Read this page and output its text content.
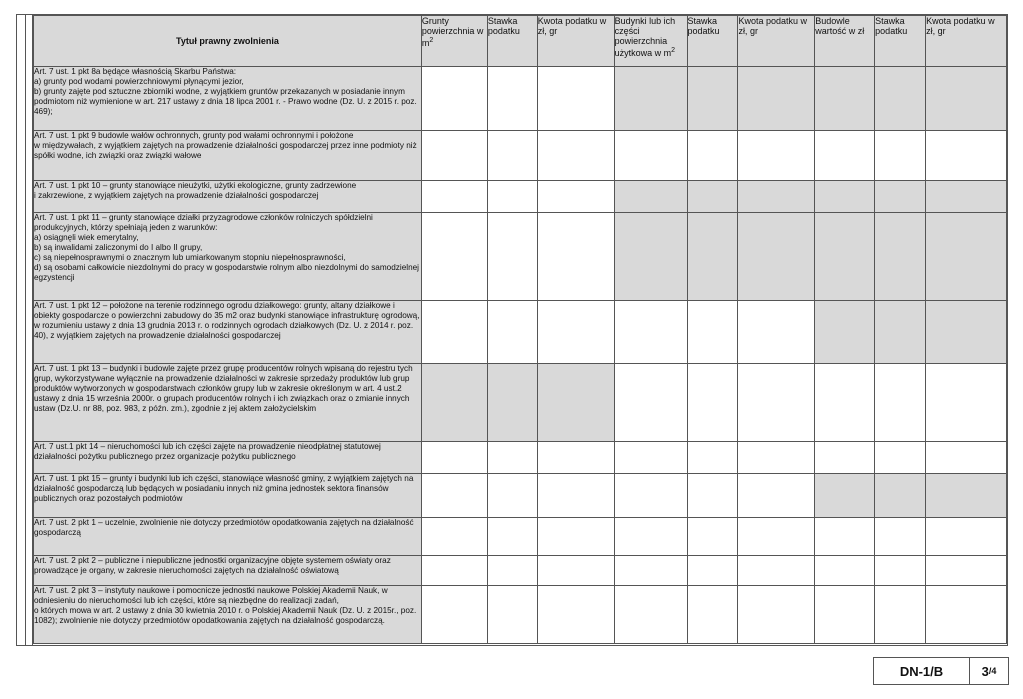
Tytuł prawny zwolnienia	Grunty powierzchnia w $m^2$	Stawka podatku	Kwota podatku w zł, gr	Budynki lub ich części powierzchnia użytkowa w $m^2$	Stawka podatku	Kwota podatku w zł, gr	Budowle wartość w zł	Stawka podatku	Kwota podatku w zł, gr
Art. 7 ust. 1 pkt 8a będące własnością Skarbu Państwa:
a) grunty pod wodami powierzchniowymi płynącymi jezior,
b) grunty zajęte pod sztuczne zbiorniki wodne, z wyjątkiem gruntów przekazanych w posiadanie innym podmiotom niż wymienione w art. 217 ustawy z dnia 18 lipca 2001 r. - Prawo wodne (Dz. U. z 2015 r. poz. 469);									
Art. 7 ust. 1 pkt 9 budowle wałów ochronnych, grunty pod wałami ochronnymi i położone
w międzywałach, z wyjątkiem zajętych na prowadzenie działalności gospodarczej przez inne podmioty niż spółki wodne, ich związki oraz związki wałowe									
Art. 7 ust. 1 pkt 10 – grunty stanowiące nieużytki, użytki ekologiczne, grunty zadrzewione
i zakrzewione, z wyjątkiem zajętych na prowadzenie działalności gospodarczej									
Art. 7 ust. 1 pkt 11 – grunty stanowiące działki przyzagrodowe członków rolniczych spółdzielni produkcyjnych, którzy spełniają jeden z warunków:
a) osiągnęli wiek emerytalny,
b) są inwalidami zaliczonymi do I albo II grupy,
c) są niepełnosprawnymi o znacznym lub umiarkowanym stopniu niepełnosprawności,
d) są osobami całkowicie niezdolnymi do pracy w gospodarstwie rolnym albo niezdolnymi do samodzielnej egzystencji									
Art. 7 ust. 1 pkt 12 – położone na terenie rodzinnego ogrodu działkowego: grunty, altany działkowe i obiekty gospodarcze o powierzchni zabudowy do 35 m2 oraz budynki stanowiące infrastrukturę ogrodową, w rozumieniu ustawy z dnia 13 grudnia 2013 r. o rodzinnych ogrodach działkowych (Dz. U. z 2014 r. poz. 40), z wyjątkiem zajętych na prowadzenie działalności gospodarczej									
Art. 7 ust. 1 pkt 13 – budynki i budowle zajęte przez grupę producentów rolnych wpisaną do rejestru tych grup, wykorzystywane wyłącznie na prowadzenie działalności w zakresie sprzedaży produktów lub grup produktów wytworzonych w gospodarstwach członków grupy lub w zakresie określonym w art. 4 ust.2 ustawy z dnia 15 września 2000r. o grupach producentów rolnych i ich związkach oraz o zmianie innych ustaw (Dz.U. nr 88, poz. 983, z późn. zm.), zgodnie z jej aktem założycielskim									
Art. 7 ust.1 pkt 14 – nieruchomości lub ich części zajęte na prowadzenie nieodpłatnej statutowej działalności pożytku publicznego przez organizacje pożytku publicznego									
Art. 7 ust. 1 pkt 15 – grunty i budynki lub ich części, stanowiące własność gminy, z wyjątkiem zajętych na działalność gospodarczą lub będących w posiadaniu innych niż gmina jednostek sektora finansów publicznych oraz pozostałych podmiotów									
Art. 7 ust. 2 pkt 1 – uczelnie, zwolnienie nie dotyczy przedmiotów opodatkowania zajętych na działalność gospodarczą									
Art. 7 ust. 2 pkt 2 – publiczne i niepubliczne jednostki organizacyjne objęte systemem oświaty oraz prowadzące je organy, w zakresie nieruchomości zajętych na działalność oświatową									
Art. 7 ust. 2 pkt 3 – instytuty naukowe i pomocnicze jednostki naukowe Polskiej Akademii Nauk, w odniesieniu do nieruchomości lub ich części, które są niezbędne do realizacji zadań,
o których mowa w art. 2 ustawy z dnia 30 kwietnia 2010 r. o Polskiej Akademii Nauk (Dz. U. z 2015r., poz. 1082); zwolnienie nie dotyczy przedmiotów opodatkowania zajętych na działalność gospodarczą.									
DN-1/B	3 /4
